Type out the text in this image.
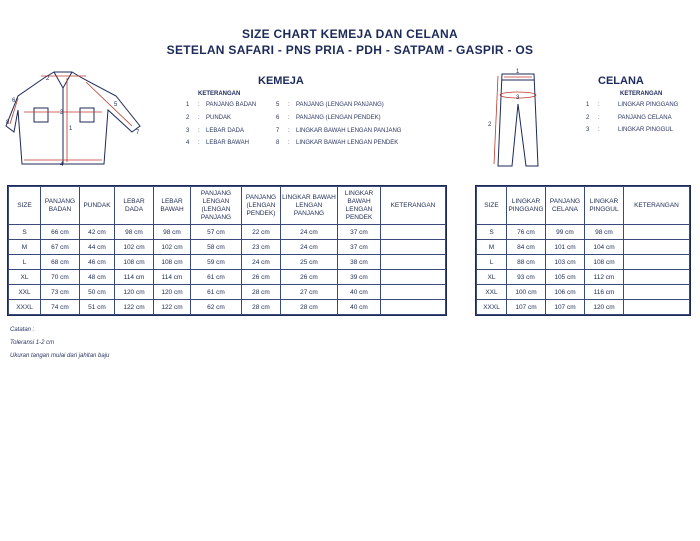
SIZE CHART KEMEJA DAN CELANA
SETELAN SAFARI - PNS PRIA - PDH - SATPAM - GASPIR - OS
1
2
3
4
5
6
7
8
KEMEJA
KETERANGAN
1 : PANJANG BADAN
2 : PUNDAK
3 : LEBAR DADA
4 : LEBAR BAWAH
5 : PANJANG (LENGAN PANJANG)
6 : PANJANG (LENGAN PENDEK)
7 : LINGKAR BAWAH LENGAN PANJANG
8 : LINGKAR BAWAH LENGAN PENDEK
1
2
3
CELANA
KETERANGAN
1 :	LINGKAR PINGGANG
2 :	PANJANG CELANA
3 :	LINGKAR PINGGUL
SIZE	PANJANG BADAN	PUNDAK	LEBAR DADA	LEBAR BAWAH	PANJANG LENGAN (LENGAN PANJANG	PANJANG (LENGAN PENDEK)	LINGKAR BAWAH LENGAN PANJANG	LINGKAR BAWAH LENGAN PENDEK	KETERANGAN
S	66 cm	42 cm	98 cm	98 cm	57 cm	22 cm	24 cm	37 cm	
M	67 cm	44 cm	102 cm	102 cm	58 cm	23 cm	24 cm	37 cm	
L	68 cm	46 cm	108 cm	108 cm	59 cm	24 cm	25 cm	38 cm	
XL	70 cm	48 cm	114 cm	114 cm	61 cm	26 cm	26 cm	39 cm	
XXL	73 cm	50 cm	120 cm	120 cm	61 cm	28 cm	27 cm	40 cm	
XXXL	74 cm	51 cm	122 cm	122 cm	62 cm	28 cm	28 cm	40 cm	
SIZE	LINGKAR PINGGANG	PANJANG CELANA	LINGKAR PINGGUL	KETERANGAN
S	76 cm	99 cm	98 cm	
M	84 cm	101 cm	104 cm	
L	88 cm	103 cm	108 cm	
XL	93 cm	105 cm	112 cm	
XXL	100 cm	106 cm	116 cm	
XXXL	107 cm	107 cm	120 cm	
Catatan :
Toleransi 1-2 cm
Ukuran tangan mulai dari jahitan baju
